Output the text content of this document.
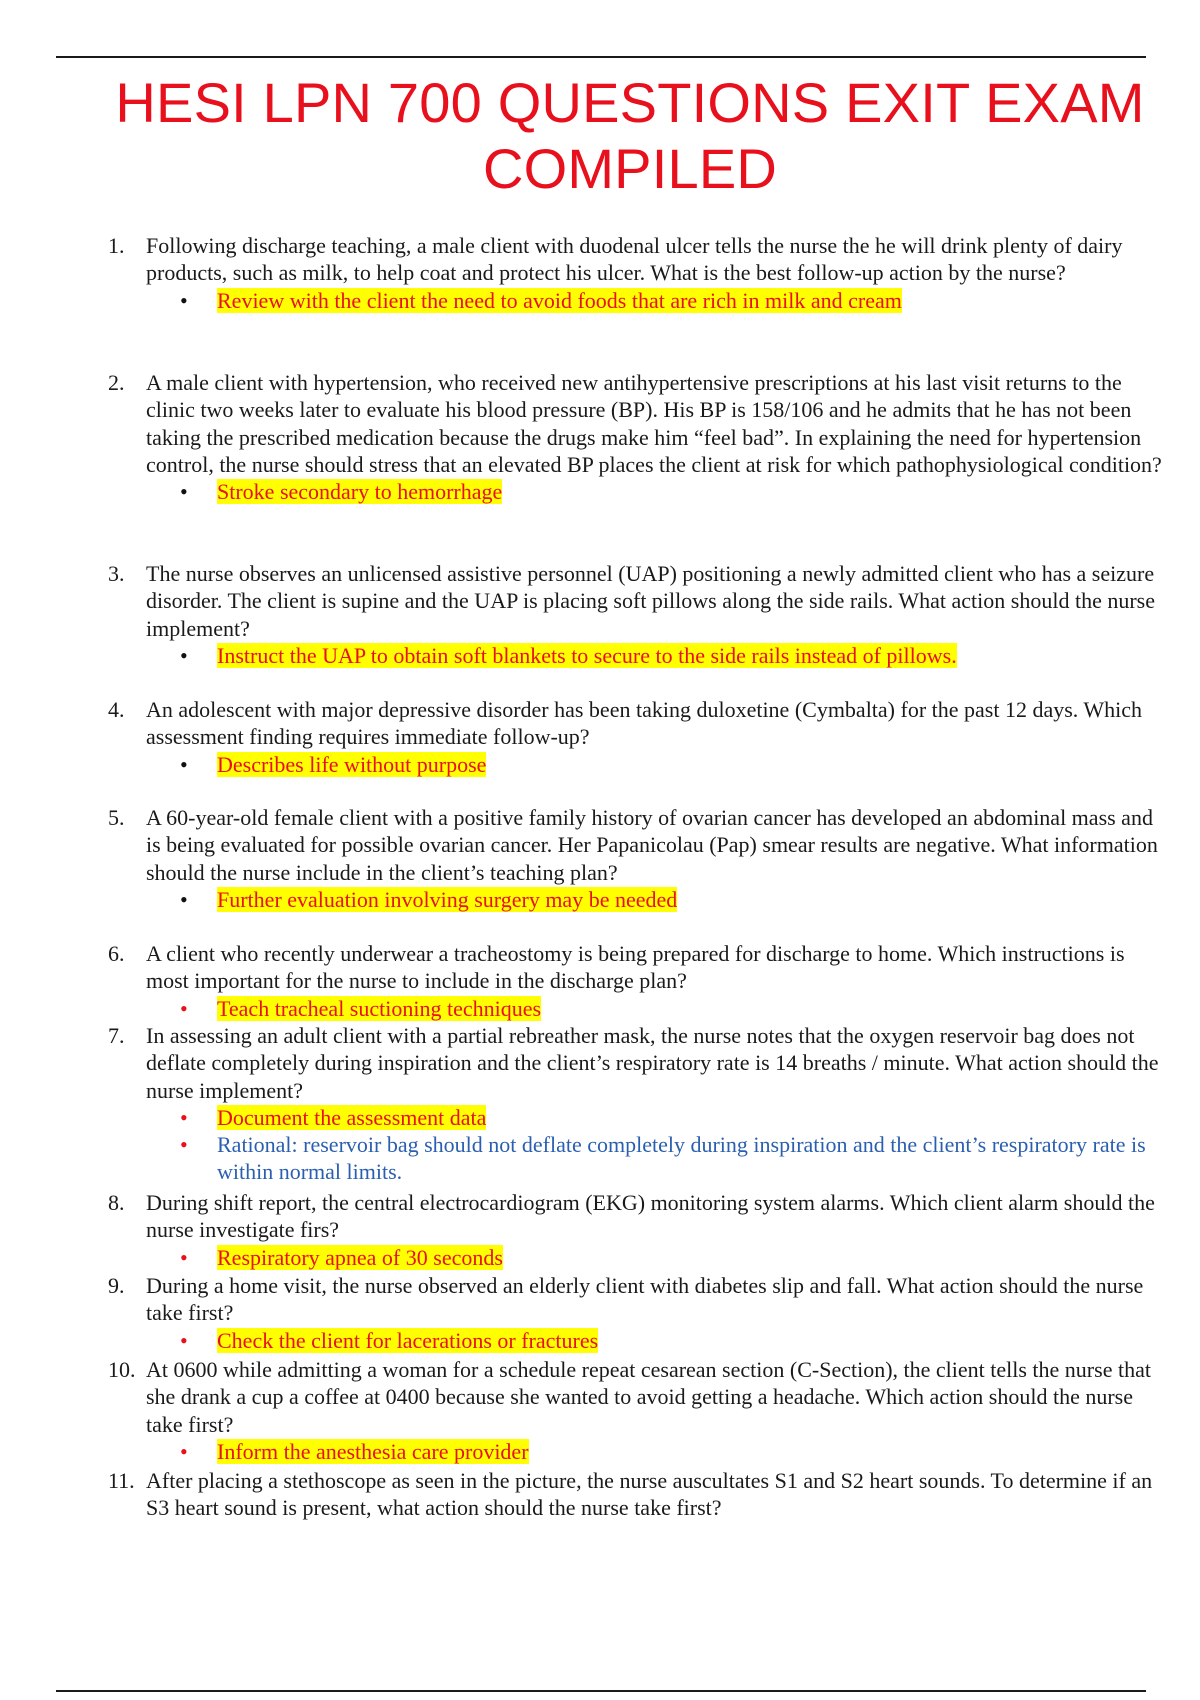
HESI LPN 700 QUESTIONS EXIT EXAM COMPILED
1. Following discharge teaching, a male client with duodenal ulcer tells the nurse the he will drink plenty of dairy products, such as milk, to help coat and protect his ulcer. What is the best follow-up action by the nurse?
• Review with the client the need to avoid foods that are rich in milk and cream
2. A male client with hypertension, who received new antihypertensive prescriptions at his last visit returns to the clinic two weeks later to evaluate his blood pressure (BP). His BP is 158/106 and he admits that he has not been taking the prescribed medication because the drugs make him “feel bad”. In explaining the need for hypertension control, the nurse should stress that an elevated BP places the client at risk for which pathophysiological condition?
• Stroke secondary to hemorrhage
3. The nurse observes an unlicensed assistive personnel (UAP) positioning a newly admitted client who has a seizure disorder. The client is supine and the UAP is placing soft pillows along the side rails. What action should the nurse implement?
• Instruct the UAP to obtain soft blankets to secure to the side rails instead of pillows.
4. An adolescent with major depressive disorder has been taking duloxetine (Cymbalta) for the past 12 days. Which assessment finding requires immediate follow-up?
• Describes life without purpose
5. A 60-year-old female client with a positive family history of ovarian cancer has developed an abdominal mass and is being evaluated for possible ovarian cancer. Her Papanicolau (Pap) smear results are negative. What information should the nurse include in the client’s teaching plan?
• Further evaluation involving surgery may be needed
6. A client who recently underwear a tracheostomy is being prepared for discharge to home. Which instructions is most important for the nurse to include in the discharge plan?
• Teach tracheal suctioning techniques
7. In assessing an adult client with a partial rebreather mask, the nurse notes that the oxygen reservoir bag does not deflate completely during inspiration and the client’s respiratory rate is 14 breaths / minute. What action should the nurse implement?
• Document the assessment data
• Rational: reservoir bag should not deflate completely during inspiration and the client’s respiratory rate is within normal limits.
8. During shift report, the central electrocardiogram (EKG) monitoring system alarms. Which client alarm should the nurse investigate firs?
• Respiratory apnea of 30 seconds
9. During a home visit, the nurse observed an elderly client with diabetes slip and fall. What action should the nurse take first?
• Check the client for lacerations or fractures
10. At 0600 while admitting a woman for a schedule repeat cesarean section (C-Section), the client tells the nurse that she drank a cup a coffee at 0400 because she wanted to avoid getting a headache. Which action should the nurse take first?
• Inform the anesthesia care provider
11. After placing a stethoscope as seen in the picture, the nurse auscultates S1 and S2 heart sounds. To determine if an S3 heart sound is present, what action should the nurse take first?
